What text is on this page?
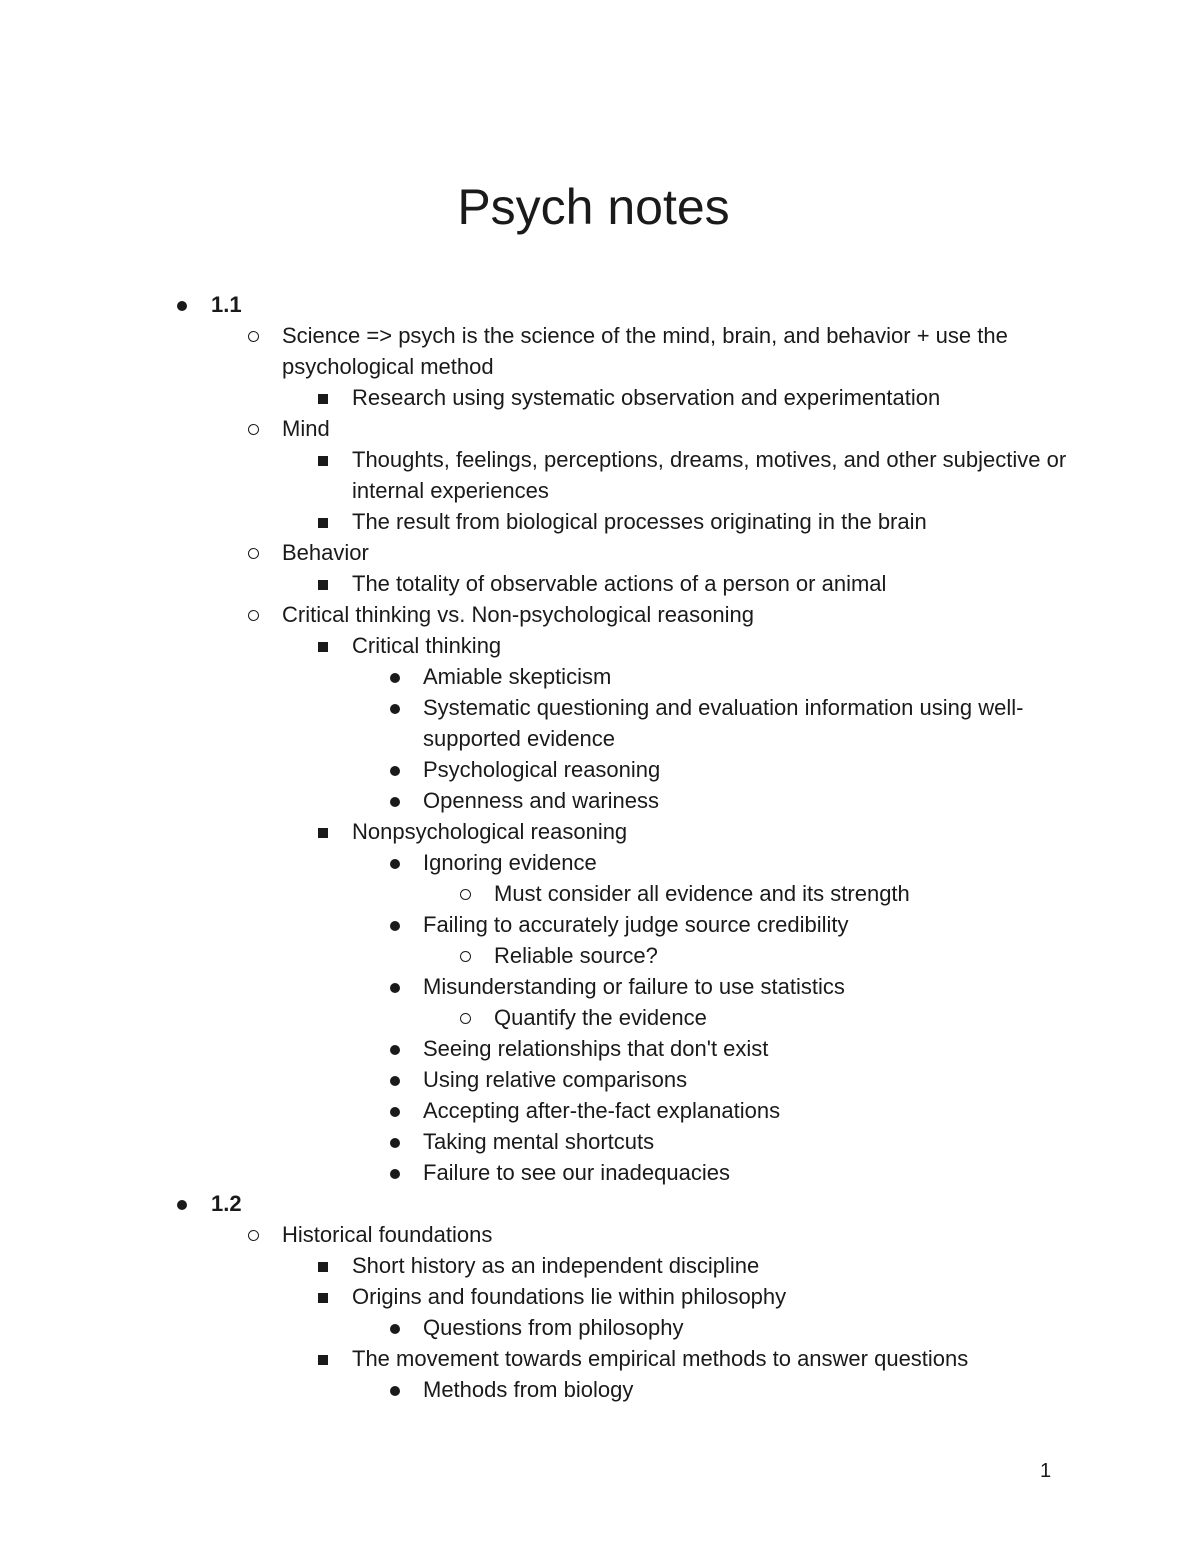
Psych notes
1.1
Science => psych is the science of the mind, brain, and behavior + use the psychological method
Research using systematic observation and experimentation
Mind
Thoughts, feelings, perceptions, dreams, motives, and other subjective or internal experiences
The result from biological processes originating in the brain
Behavior
The totality of observable actions of a person or animal
Critical thinking vs. Non-psychological reasoning
Critical thinking
Amiable skepticism
Systematic questioning and evaluation information using well-supported evidence
Psychological reasoning
Openness and wariness
Nonpsychological reasoning
Ignoring evidence
Must consider all evidence and its strength
Failing to accurately judge source credibility
Reliable source?
Misunderstanding or failure to use statistics
Quantify the evidence
Seeing relationships that don't exist
Using relative comparisons
Accepting after-the-fact explanations
Taking mental shortcuts
Failure to see our inadequacies
1.2
Historical foundations
Short history as an independent discipline
Origins and foundations lie within philosophy
Questions from philosophy
The movement towards empirical methods to answer questions
Methods from biology
1
